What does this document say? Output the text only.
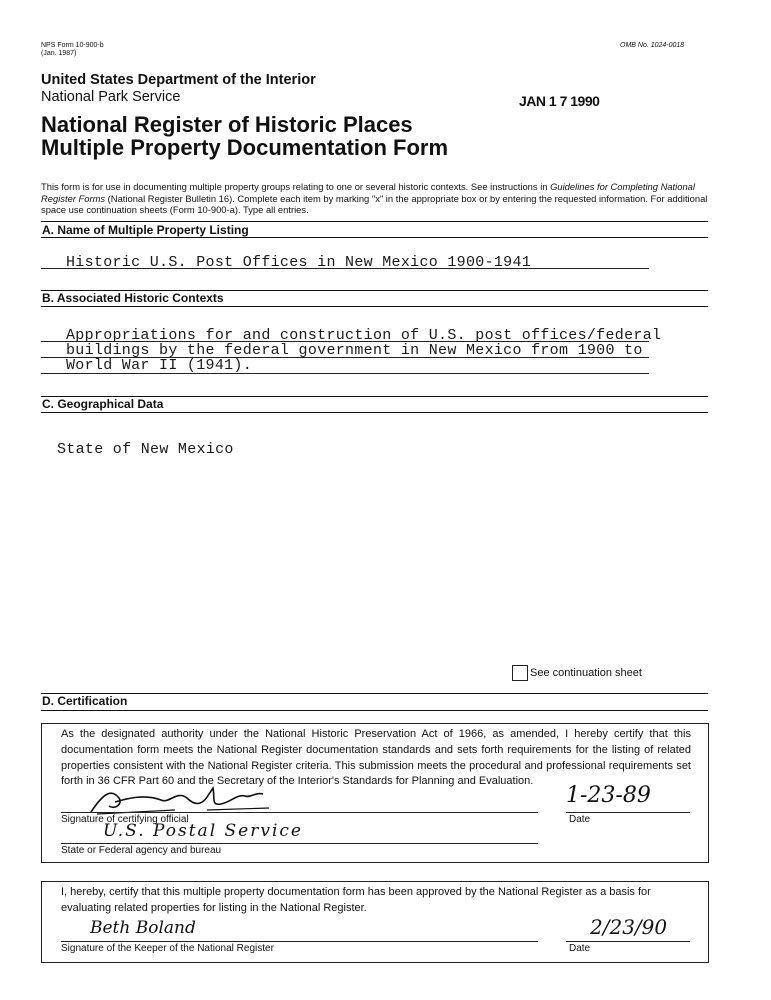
NPS Form 10-900-b
(Jan. 1987)
OMB No. 1024-0018
United States Department of the Interior
National Park Service	JAN 1 7 1990
National Register of Historic Places
Multiple Property Documentation Form
This form is for use in documenting multiple property groups relating to one or several historic contexts. See instructions in Guidelines for Completing National Register Forms (National Register Bulletin 16). Complete each item by marking "x" in the appropriate box or by entering the requested information. For additional space use continuation sheets (Form 10-900-a). Type all entries.
A. Name of Multiple Property Listing
Historic U.S. Post Offices in New Mexico 1900-1941
B. Associated Historic Contexts
Appropriations for and construction of U.S. post offices/federal
buildings by the federal government in New Mexico from 1900 to
World War II (1941).
C. Geographical Data
State of New Mexico
See continuation sheet
D. Certification
As the designated authority under the National Historic Preservation Act of 1966, as amended, I hereby certify that this documentation form meets the National Register documentation standards and sets forth requirements for the listing of related properties consistent with the National Register criteria. This submission meets the procedural and professional requirements set forth in 36 CFR Part 60 and the Secretary of the Interior's Standards for Planning and Evaluation.
Signature of certifying official
1-23-89
Date
U.S. Postal Service
State or Federal agency and bureau
I, hereby, certify that this multiple property documentation form has been approved by the National Register as a basis for evaluating related properties for listing in the National Register.
Beth Boland
Signature of the Keeper of the National Register
2/23/90
Date
